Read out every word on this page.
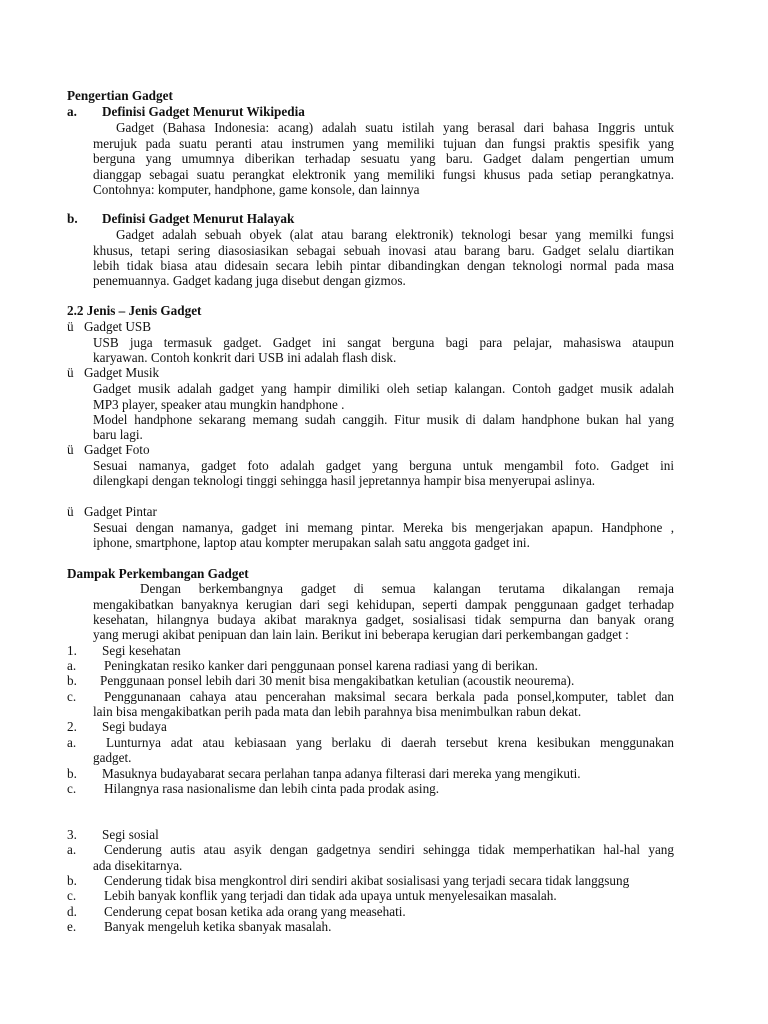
Pengertian Gadget
a. Definisi Gadget Menurut Wikipedia
Gadget (Bahasa Indonesia: acang) adalah suatu istilah yang berasal dari bahasa Inggris untuk
merujuk pada suatu peranti atau instrumen yang memiliki tujuan dan fungsi praktis spesifik yang
berguna yang umumnya diberikan terhadap sesuatu yang baru. Gadget dalam pengertian umum
dianggap sebagai suatu perangkat elektronik yang memiliki fungsi khusus pada setiap perangkatnya.
Contohnya: komputer, handphone, game konsole, dan lainnya
b. Definisi Gadget Menurut Halayak
Gadget adalah sebuah obyek (alat atau barang elektronik) teknologi besar yang memilki fungsi
khusus, tetapi sering diasosiasikan sebagai sebuah inovasi atau barang baru. Gadget selalu diartikan
lebih tidak biasa atau didesain secara lebih pintar dibandingkan dengan teknologi normal pada masa
penemuannya. Gadget kadang juga disebut dengan gizmos.
2.2 Jenis – Jenis Gadget
ü Gadget USB
USB juga termasuk gadget. Gadget ini sangat berguna bagi para pelajar, mahasiswa ataupun
karyawan. Contoh konkrit dari USB ini adalah flash disk.
ü Gadget Musik
Gadget musik adalah gadget yang hampir dimiliki oleh setiap kalangan. Contoh gadget musik adalah
MP3 player, speaker atau mungkin handphone .
Model handphone sekarang memang sudah canggih. Fitur musik di dalam handphone bukan hal yang
baru lagi.
ü Gadget Foto
Sesuai namanya, gadget foto adalah gadget yang berguna untuk mengambil foto. Gadget ini
dilengkapi dengan teknologi tinggi sehingga hasil jepretannya hampir bisa menyerupai aslinya.
ü Gadget Pintar
Sesuai dengan namanya, gadget ini memang pintar. Mereka bis mengerjakan apapun. Handphone ,
iphone, smartphone, laptop atau kompter merupakan salah satu anggota gadget ini.
Dampak Perkembangan Gadget
Dengan berkembangnya gadget di semua kalangan terutama dikalangan remaja
mengakibatkan banyaknya kerugian dari segi kehidupan, seperti dampak penggunaan gadget terhadap
kesehatan, hilangnya budaya akibat maraknya gadget, sosialisasi tidak sempurna dan banyak orang
yang merugi akibat penipuan dan lain lain. Berikut ini beberapa kerugian dari perkembangan gadget :
1. Segi kesehatan
a. Peningkatan resiko kanker dari penggunaan ponsel karena radiasi yang di berikan.
b. Penggunaan ponsel lebih dari 30 menit bisa mengakibatkan ketulian (acoustik neourema).
c. Penggunanaan cahaya atau pencerahan maksimal secara berkala pada ponsel,komputer, tablet dan
lain bisa mengakibatkan perih pada mata dan lebih parahnya bisa menimbulkan rabun dekat.
2. Segi budaya
a. Lunturnya adat atau kebiasaan yang berlaku di daerah tersebut krena kesibukan menggunakan
gadget.
b. Masuknya budayabarat secara perlahan tanpa adanya filterasi dari mereka yang mengikuti.
c. Hilangnya rasa nasionalisme dan lebih cinta pada prodak asing.
3. Segi sosial
a. Cenderung autis atau asyik dengan gadgetnya sendiri sehingga tidak memperhatikan hal-hal yang
ada disekitarnya.
b. Cenderung tidak bisa mengkontrol diri sendiri akibat sosialisasi yang terjadi secara tidak langgsung
c. Lebih banyak konflik yang terjadi dan tidak ada upaya untuk menyelesaikan masalah.
d. Cenderung cepat bosan ketika ada orang yang measehati.
e. Banyak mengeluh ketika sbanyak masalah.
